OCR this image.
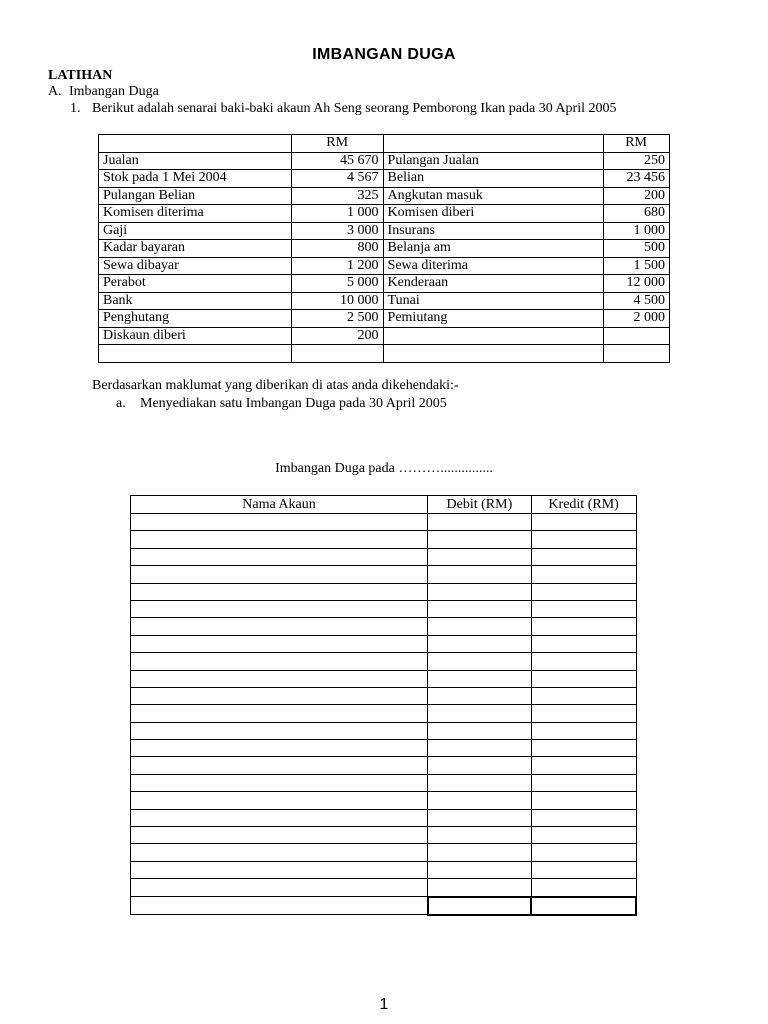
IMBANGAN DUGA
LATIHAN
A. Imbangan Duga
1. Berikut adalah senarai baki-baki akaun Ah Seng seorang Pemborong Ikan pada 30 April 2005
	RM		RM
Jualan	45 670	Pulangan Jualan	250
Stok pada 1 Mei 2004	4 567	Belian	23 456
Pulangan Belian	325	Angkutan masuk	200
Komisen diterima	1 000	Komisen diberi	680
Gaji	3 000	Insurans	1 000
Kadar bayaran	800	Belanja am	500
Sewa dibayar	1 200	Sewa diterima	1 500
Perabot	5 000	Kenderaan	12 000
Bank	10 000	Tunai	4 500
Penghutang	2 500	Pemiutang	2 000
Diskaun diberi	200		

Berdasarkan maklumat yang diberikan di atas anda dikehendaki:-
a. Menyediakan satu Imbangan Duga pada 30 April 2005
Imbangan Duga pada ………...............
Nama Akaun	Debit (RM)	Kredit (RM)

1
